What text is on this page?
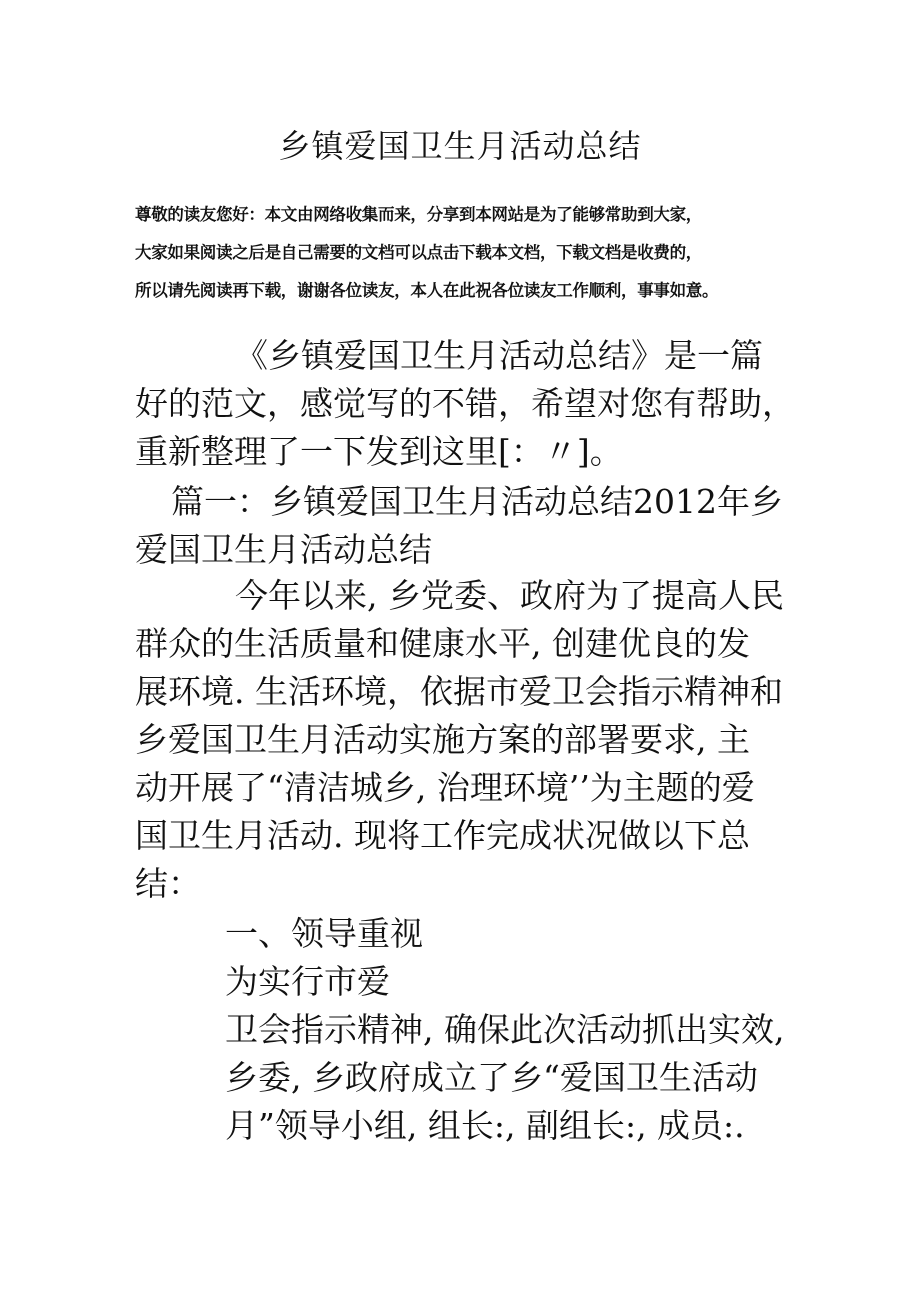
乡镇爱国卫生月活动总结
尊敬的读友您好：本文由网络收集而来，分享到本网站是为了能够常助到大家，
大家如果阅读之后是自己需要的文档可以点击下载本文档，下载文档是收费的，
所以请先阅读再下载，谢谢各位读友，本人在此祝各位读友工作顺利，事事如意。
《乡镇爱国卫生月活动总结》是一篇
好的范文，感觉写的不错，希望对您有帮助，
重新整理了一下发到这里[：〃]。
篇一：乡镇爱国卫生月活动总结2012年乡
爱国卫生月活动总结
今年以来, 乡党委、政府为了提高人民
群众的生活质量和健康水平, 创建优良的发
展环境. 生活环境，依据市爱卫会指示精神和
乡爱国卫生月活动实施方案的部署要求, 主
动开展了“清洁城乡, 治理环境’’为主题的爱
国卫生月活动. 现将工作完成状况做以下总
结：
一、领导重视
为实行市爱
卫会指示精神, 确保此次活动抓出实效,
乡委, 乡政府成立了乡“爱国卫生活动
月”领导小组, 组长:, 副组长:, 成员:.
